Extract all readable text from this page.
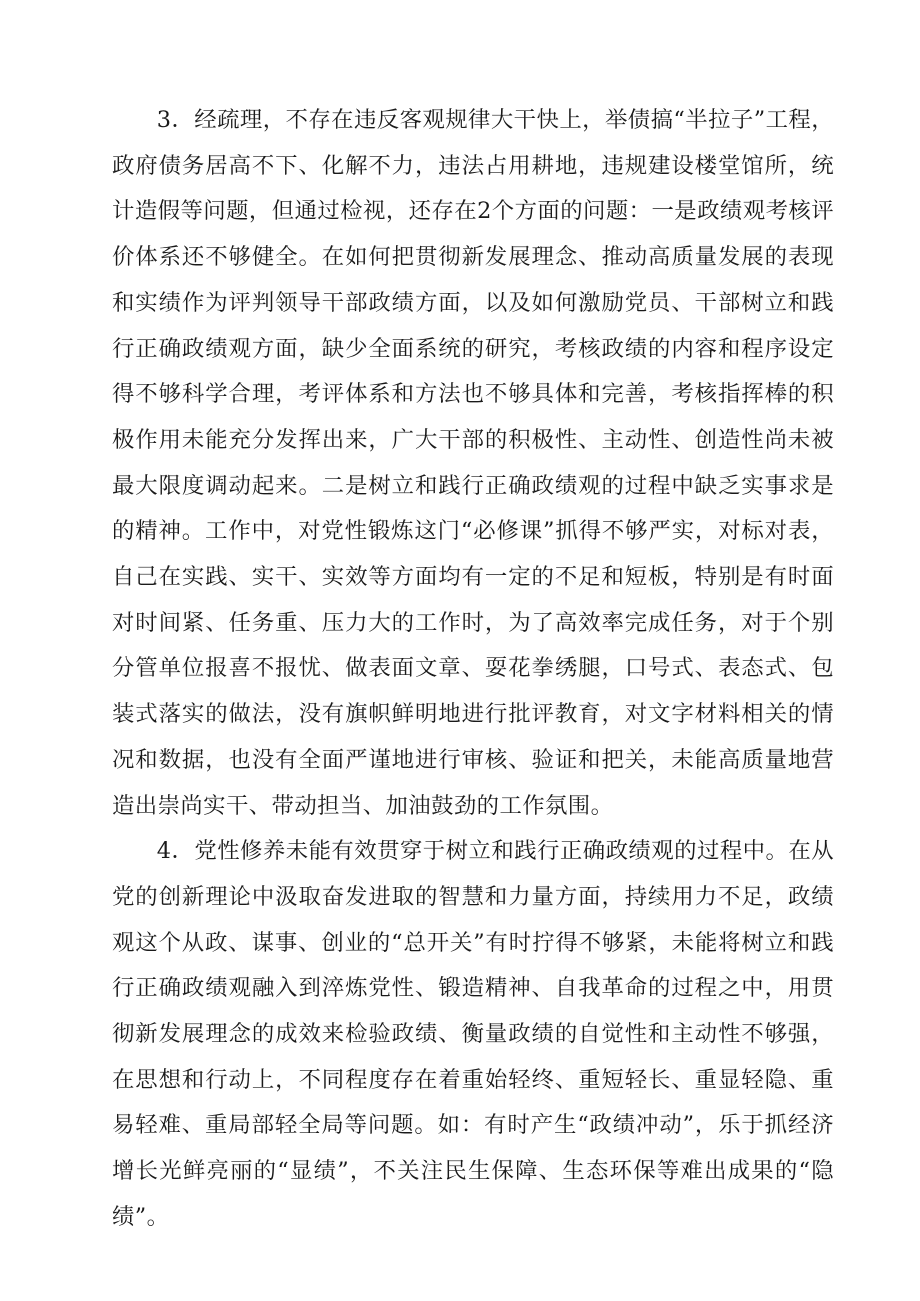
3．经疏理，不存在违反客观规律大干快上，举债搞“半拉子”工程，政府债务居高不下、化解不力，违法占用耕地，违规建设楼堂馆所，统计造假等问题，但通过检视，还存在2个方面的问题：一是政绩观考核评价体系还不够健全。在如何把贯彻新发展理念、推动高质量发展的表现和实绩作为评判领导干部政绩方面，以及如何激励党员、干部树立和践行正确政绩观方面，缺少全面系统的研究，考核政绩的内容和程序设定得不够科学合理，考评体系和方法也不够具体和完善，考核指挥棒的积极作用未能充分发挥出来，广大干部的积极性、主动性、创造性尚未被最大限度调动起来。二是树立和践行正确政绩观的过程中缺乏实事求是的精神。工作中，对党性锻炼这门“必修课”抓得不够严实，对标对表，自己在实践、实干、实效等方面均有一定的不足和短板，特别是有时面对时间紧、任务重、压力大的工作时，为了高效率完成任务，对于个别分管单位报喜不报忧、做表面文章、耍花拳绣腿，口号式、表态式、包装式落实的做法，没有旗帜鲜明地进行批评教育，对文字材料相关的情况和数据，也没有全面严谨地进行审核、验证和把关，未能高质量地营造出崇尚实干、带动担当、加油鼓劲的工作氛围。

4．党性修养未能有效贯穿于树立和践行正确政绩观的过程中。在从党的创新理论中汲取奋发进取的智慧和力量方面，持续用力不足，政绩观这个从政、谋事、创业的“总开关”有时拧得不够紧，未能将树立和践行正确政绩观融入到淬炼党性、锻造精神、自我革命的过程之中，用贯彻新发展理念的成效来检验政绩、衡量政绩的自觉性和主动性不够强，在思想和行动上，不同程度存在着重始轻终、重短轻长、重显轻隐、重易轻难、重局部轻全局等问题。如：有时产生“政绩冲动”，乐于抓经济增长光鲜亮丽的“显绩”，不关注民生保障、生态环保等难出成果的“隐绩”。
